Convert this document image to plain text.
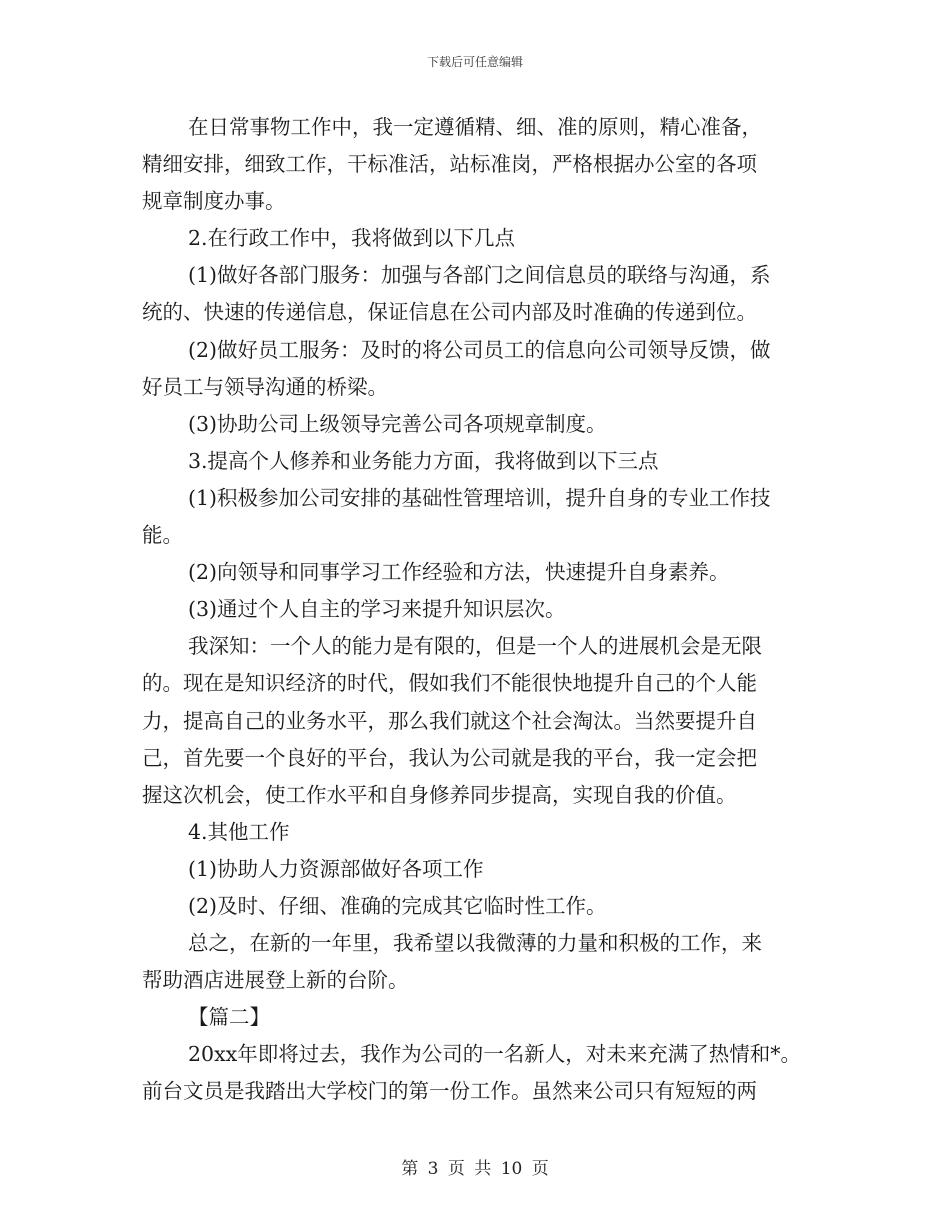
下载后可任意编辑
在日常事物工作中，我一定遵循精、细、准的原则，精心准备，
精细安排，细致工作，干标准活，站标准岗，严格根据办公室的各项
规章制度办事。
2.在行政工作中，我将做到以下几点
(1)做好各部门服务：加强与各部门之间信息员的联络与沟通，系
统的、快速的传递信息，保证信息在公司内部及时准确的传递到位。
(2)做好员工服务：及时的将公司员工的信息向公司领导反馈，做
好员工与领导沟通的桥梁。
(3)协助公司上级领导完善公司各项规章制度。
3.提高个人修养和业务能力方面，我将做到以下三点
(1)积极参加公司安排的基础性管理培训，提升自身的专业工作技
能。
(2)向领导和同事学习工作经验和方法，快速提升自身素养。
(3)通过个人自主的学习来提升知识层次。
我深知：一个人的能力是有限的，但是一个人的进展机会是无限
的。现在是知识经济的时代，假如我们不能很快地提升自己的个人能
力，提高自己的业务水平，那么我们就这个社会淘汰。当然要提升自
己，首先要一个良好的平台，我认为公司就是我的平台，我一定会把
握这次机会，使工作水平和自身修养同步提高，实现自我的价值。
4.其他工作
(1)协助人力资源部做好各项工作
(2)及时、仔细、准确的完成其它临时性工作。
总之，在新的一年里，我希望以我微薄的力量和积极的工作，来
帮助酒店进展登上新的台阶。
【篇二】
20xx年即将过去，我作为公司的一名新人，对未来充满了热情和*。
前台文员是我踏出大学校门的第一份工作。虽然来公司只有短短的两
第 3 页 共 10 页
